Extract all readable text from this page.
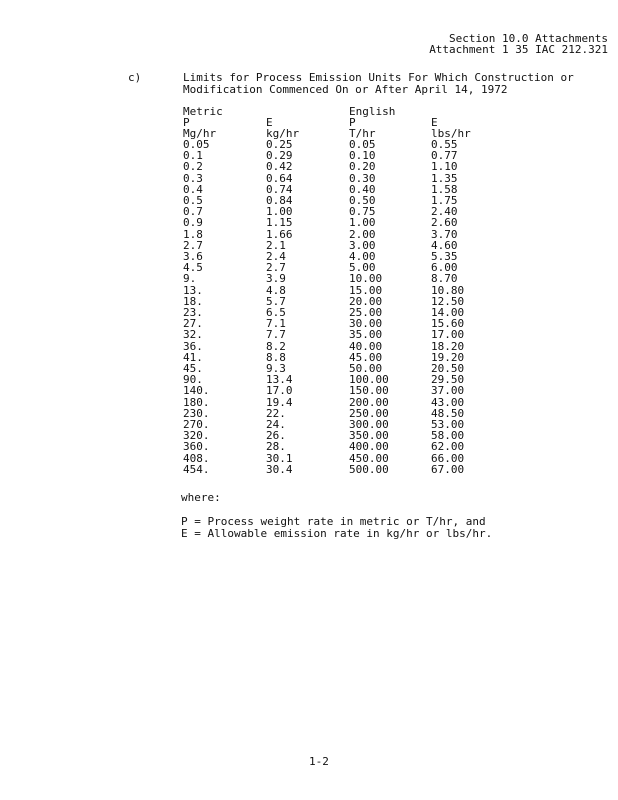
Section 10.0 Attachments
Attachment 1 35 IAC 212.321
c)	Limits for Process Emission Units For Which Construction or
Modification Commenced On or After April 14, 1972
Metric	English
P	E	P	E
Mg/hr	kg/hr	T/hr	lbs/hr
0.05	0.25	0.05	0.55
0.1	0.29	0.10	0.77
0.2	0.42	0.20	1.10
0.3	0.64	0.30	1.35
0.4	0.74	0.40	1.58
0.5	0.84	0.50	1.75
0.7	1.00	0.75	2.40
0.9	1.15	1.00	2.60
1.8	1.66	2.00	3.70
2.7	2.1	3.00	4.60
3.6	2.4	4.00	5.35
4.5	2.7	5.00	6.00
9.	3.9	10.00	8.70
13.	4.8	15.00	10.80
18.	5.7	20.00	12.50
23.	6.5	25.00	14.00
27.	7.1	30.00	15.60
32.	7.7	35.00	17.00
36.	8.2	40.00	18.20
41.	8.8	45.00	19.20
45.	9.3	50.00	20.50
90.	13.4	100.00	29.50
140.	17.0	150.00	37.00
180.	19.4	200.00	43.00
230.	22.	250.00	48.50
270.	24.	300.00	53.00
320.	26.	350.00	58.00
360.	28.	400.00	62.00
408.	30.1	450.00	66.00
454.	30.4	500.00	67.00
where:
P = Process weight rate in metric or T/hr, and
E = Allowable emission rate in kg/hr or lbs/hr.
1-2
